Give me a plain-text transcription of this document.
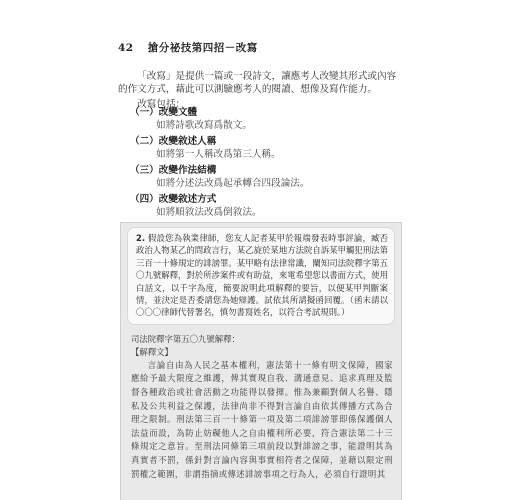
42 搶分祕技第四招－改寫

「改寫」是提供一篇或一段詩文，讓應考人改變其形式或內容的作文方式，藉此可以測驗應考人的閱讀、想像及寫作能力。

改寫包括：

（一）改變文體
如將詩歌改寫爲散文。
（二）改變敘述人稱
如將第一人稱改爲第三人稱。
（三）改變作法結構
如將分述法改爲起承轉合四段論法。
（四）改變敘述方式
如將順敘法改爲倒敘法。
2. 假設您為執業律師，您友人記者某甲於報端發表時事評論，臧否政治人物某乙的問政言行，某乙旋於某地方法院自訴某甲觸犯刑法第三百一十條規定的誹謗罪。某甲略有法律常識，闡知司法院釋字第五〇九號解釋，對於所涉案件或有助益，來電希望您以書面方式，使用白話文，以千字為度，簡要說明此項解釋的要旨，以便某甲判斷案情，並決定是否委請您為她辯護。試依其所請擬函回覆。（函末請以〇〇〇律師代替署名，慎勿書寫姓名，以符合考試規則。）
司法院釋字第五〇九號解釋：
【解釋文】
言論自由為人民之基本權利，憲法第十一條有明文保障，國家應給予最大限度之維護，俾其實現自我、溝通意見、追求真理及監督各種政治或社會活動之功能得以發揮。惟為兼顧對個人名譽、隱私及公共利益之保護，法律尚非不得對言論自由依其傳播方式為合理之限制。刑法第三百一十條第一項及第二項誹謗罪即係保護個人法益而設，為防止妨礙他人之自由權利所必要，符合憲法第二十三條規定之意旨。至刑法同條第三項前段以對誹謗之事，能證明其為真實者不罰，係針對言論內容與事實相符者之保障，並藉以限定刑罰權之範圍，非謂指摘或傳述誹謗事項之行為人，必須自行證明其
